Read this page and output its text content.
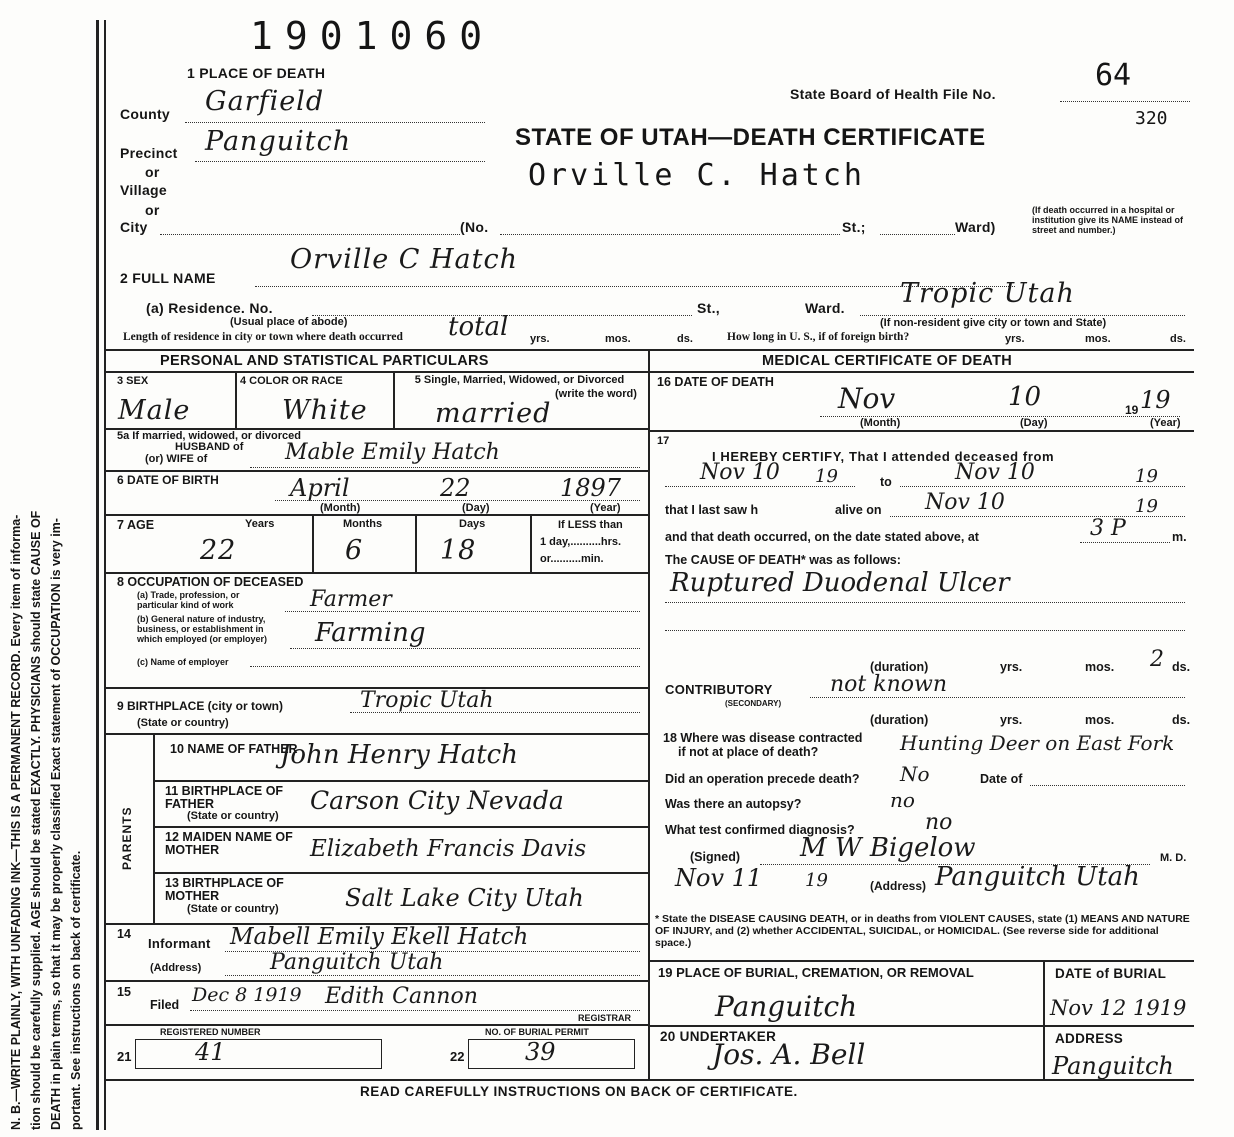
N. B.—WRITE PLAINLY, WITH UNFADING INK—THIS IS A PERMANENT RECORD. Every item of informa- tion should be carefully supplied. AGE should be stated EXACTLY. PHYSICIANS should state CAUSE OF DEATH in plain terms, so that it may be properly classified Exact statement of OCCUPATION is very im- portant. See instructions on back of certificate.
1901060
State Board of Health File No.
64
320
STATE OF UTAH—DEATH CERTIFICATE
Orville C. Hatch
1 PLACE OF DEATH
County Garfield
Precinct Panguitch
or
Village
or
City	(No.	St.;	Ward)
(If death occurred in a hospital or institution give its NAME instead of street and number.)
2 FULL NAME
Orville C Hatch
(a) Residence. No.
(Usual place of abode)
St.,	Ward. Tropic Utah
(If non-resident give city or town and State)
Length of residence in city or town where death occurred total yrs.	mos.	ds.	How long in U. S., if of foreign birth?	yrs.	mos.	ds.
PERSONAL AND STATISTICAL PARTICULARS
3 SEX	4 COLOR OR RACE	5 Single, Married, Widowed, or Divorced
(write the word)
Male	White married
5a If married, widowed, or divorced
HUSBAND of
(or) WIFE of	Mable Emily Hatch
6 DATE OF BIRTH	April	22	1897
(Month)	(Day)	(Year)
7 AGE	Years	Months	Days	If LESS than
1 day,..........hrs.
or..........min.
22	6	18
8 OCCUPATION OF DECEASED
(a) Trade, profession, or particular kind of work	Farmer
(b) General nature of industry, business, or establishment in which employed (or employer)	Farming
(c) Name of employer
9 BIRTHPLACE (city or town)
(State or country)
Tropic Utah
PARENTS
10 NAME OF FATHER
John Henry Hatch
11 BIRTHPLACE OF FATHER
(State or country)
Carson City Nevada
12 MAIDEN NAME OF MOTHER	Elizabeth Francis Davis
13 BIRTHPLACE OF MOTHER
(State or country)	Salt Lake City Utah
14
Informant Mabell Emily Ekell Hatch
(Address)	Panguitch Utah
15
Filed Dec 8 1919 Edith Cannon
REGISTRAR
REGISTERED NUMBER	NO. OF BURIAL PERMIT
21	41	22	39
MEDICAL CERTIFICATE OF DEATH
16 DATE OF DEATH Nov	10	19 19
(Month)	(Day)	(Year)
17
I HEREBY CERTIFY, That I attended deceased from
Nov 10 19	to	Nov 10	19
that I last saw h	alive on Nov 10	19
and that death occurred, on the date stated above, at	3 P	m.
The CAUSE OF DEATH* was as follows:
Ruptured Duodenal Ulcer
(duration)	yrs.	mos. 2 ds.
CONTRIBUTORY
(SECONDARY)
not known
(duration)	yrs.	mos.	ds.
18 Where was disease contracted
if not at place of death?	Hunting Deer on East Fork
Did an operation precede death? No	Date of
Was there an autopsy?	no
What test confirmed diagnosis?	no
(Signed) M W Bigelow	M. D.
Nov 11 19	(Address) Panguitch Utah
* State the DISEASE CAUSING DEATH, or in deaths from VIOLENT CAUSES, state (1) MEANS AND NATURE OF INJURY, and (2) whether ACCIDENTAL, SUICIDAL, or HOMICIDAL. (See reverse side for additional space.)
19 PLACE OF BURIAL, CREMATION, OR REMOVAL
Panguitch
DATE of BURIAL
Nov 12 1919
20 UNDERTAKER
Jos. A. Bell	ADDRESS
Panguitch
READ CAREFULLY INSTRUCTIONS ON BACK OF CERTIFICATE.
